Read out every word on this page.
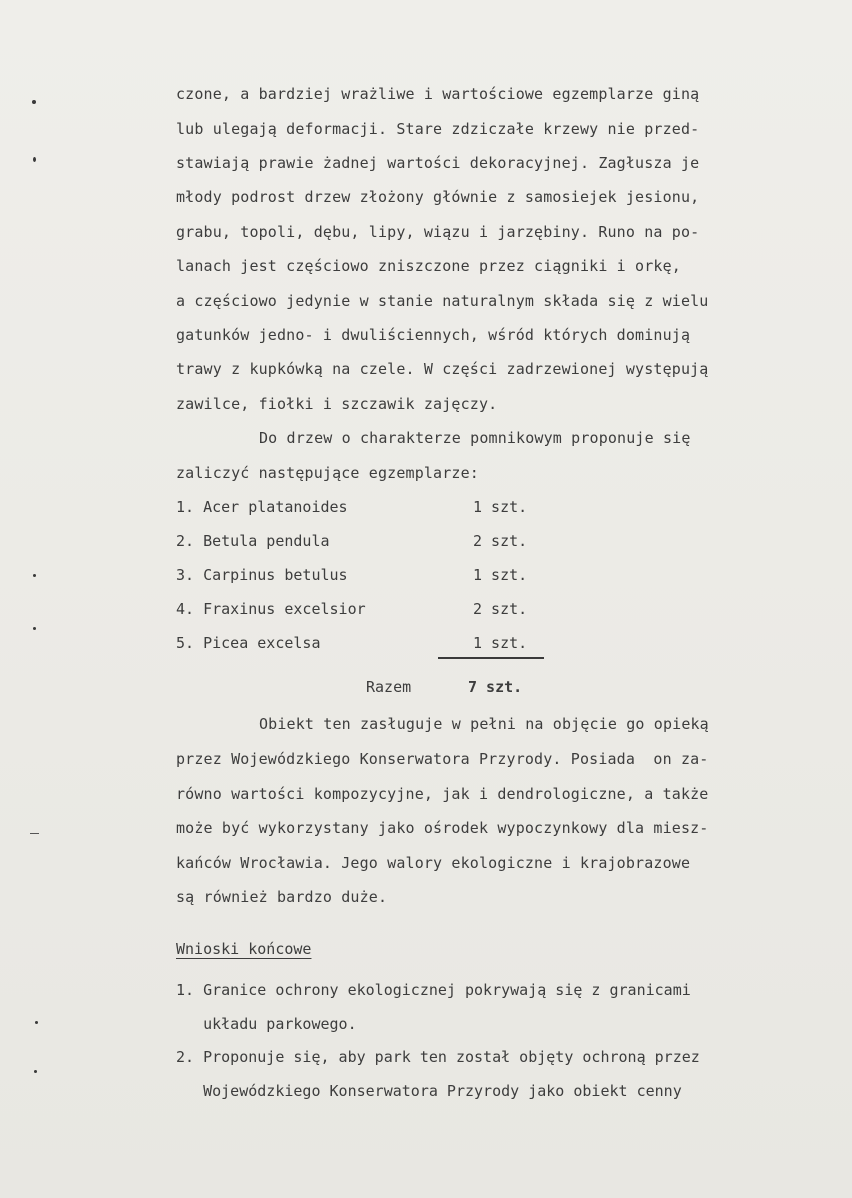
czone, a bardziej wrażliwe i wartościowe egzemplarze giną
lub ulegają deformacji. Stare zdziczałe krzewy nie przed-
stawiają prawie żadnej wartości dekoracyjnej. Zagłusza je
młody podrost drzew złożony głównie z samosiejek jesionu,
grabu, topoli, dębu, lipy, wiązu i jarzębiny. Runo na po-
lanach jest częściowo zniszczone przez ciągniki i orkę,
a częściowo jedynie w stanie naturalnym składa się z wielu
gatunków jedno- i dwuliściennych, wśród których dominują
trawy z kupkówką na czele. W części zadrzewionej występują
zawilce, fiołki i szczawik zajęczy.
Do drzew o charakterze pomnikowym proponuje się
zaliczyć następujące egzemplarze:
1. Acer platanoides	1 szt.
2. Betula pendula	2 szt.
3. Carpinus betulus	1 szt.
4. Fraxinus excelsior	2 szt.
5. Picea excelsa	1 szt.
Razem	7 szt.
Obiekt ten zasługuje w pełni na objęcie go opieką
przez Wojewódzkiego Konserwatora Przyrody. Posiada  on za-
równo wartości kompozycyjne, jak i dendrologiczne, a także
może być wykorzystany jako ośrodek wypoczynkowy dla miesz-
kańców Wrocławia. Jego walory ekologiczne i krajobrazowe
są również bardzo duże.
Wnioski końcowe
1. Granice ochrony ekologicznej pokrywają się z granicami
układu parkowego.
2. Proponuje się, aby park ten został objęty ochroną przez
Wojewódzkiego Konserwatora Przyrody jako obiekt cenny
